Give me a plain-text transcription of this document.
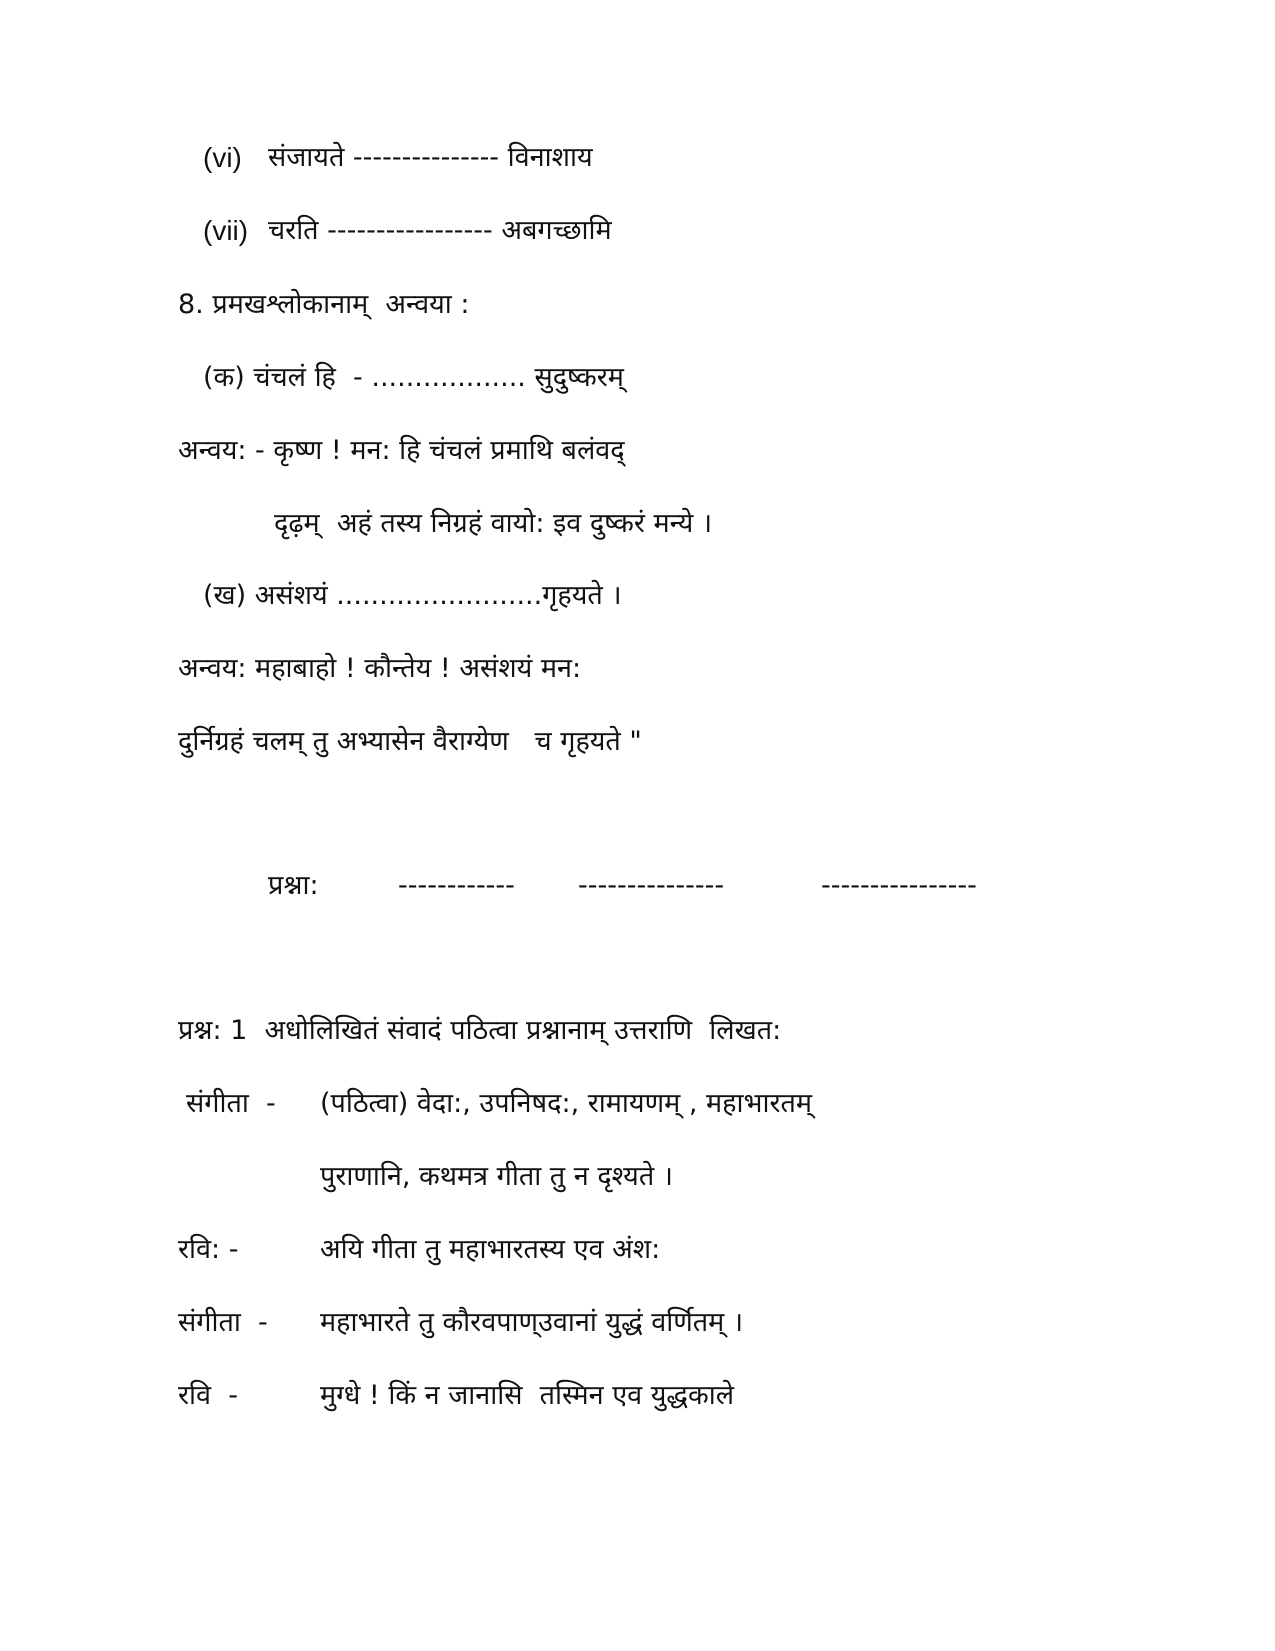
(vi) संजायते --------------- विनाशाय
(vii) चरति ----------------- अबगच्छामि

8. प्रमखश्लोकानाम्  अन्वया :

(क) चंचलं हि  - .................. सुदुष्करम्

अन्वय: - कृष्ण ! मन: हि चंचलं प्रमाथि बलंवद्

दृढ़म्  अहं तस्य निग्रहं वायो: इव दुष्करं मन्ये ।

(ख) असंशयं ........................गृहयते ।

अन्वय: महाबाहो ! कौन्तेय ! असंशयं मन:

दुर्निग्रहं चलम् तु अभ्यासेन वैराग्येण   च गृहयते "

प्रश्ना:	------------ ---------------	----------------

प्रश्न: 1  अधोलिखितं संवादं पठित्वा प्रश्नानाम् उत्तराणि  लिखत:

संगीता  - (पठित्वा) वेदा:, उपनिषद:, रामायणम् , महाभारतम्
पुराणानि, कथमत्र गीता तु न दृश्यते ।
रवि: -	अयि गीता तु महाभारतस्य एव अंश:
संगीता  - महाभारते तु कौरवपाण्उवानां युद्धं वर्णितम् ।
रवि  -	मुग्धे ! किं न जानासि  तस्मिन एव युद्धकाले
